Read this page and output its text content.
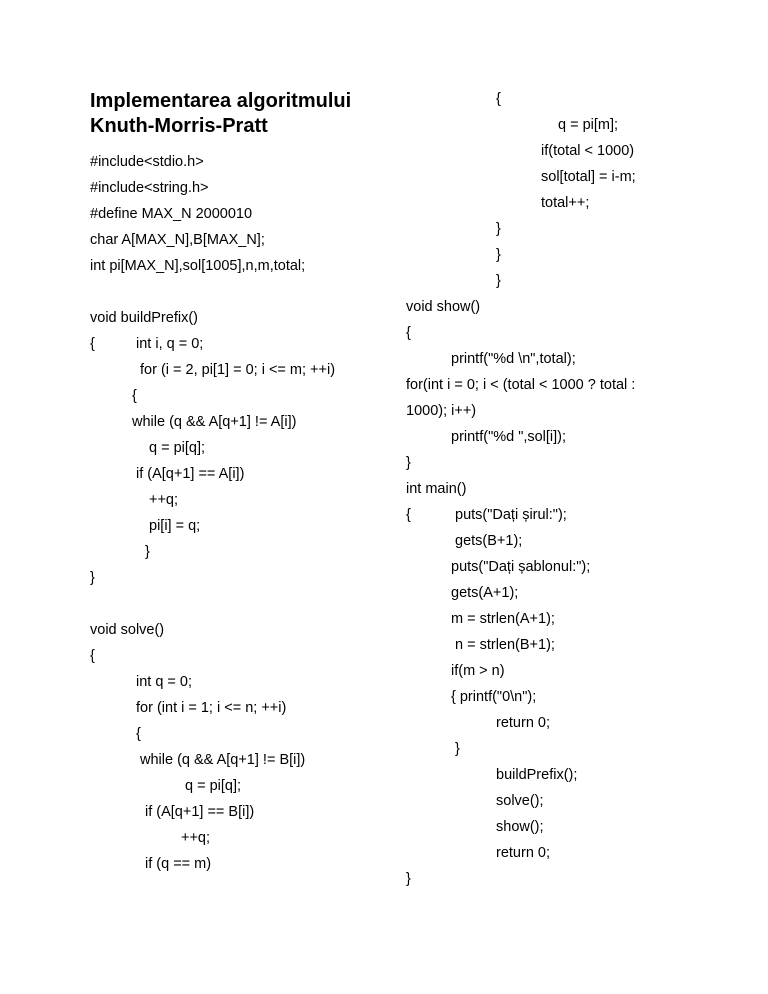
Implementarea algoritmului
Knuth-Morris-Pratt
#include<stdio.h>
#include<string.h>
#define MAX_N 2000010
char A[MAX_N],B[MAX_N];
int pi[MAX_N],sol[1005],n,m,total;
void buildPrefix()
{	int i, q = 0;
for (i = 2, pi[1] = 0; i <= m; ++i)
{
while (q && A[q+1] != A[i])
q = pi[q];
if (A[q+1] == A[i])
++q;
pi[i] = q;
}
}
void solve()
{
int q = 0;
for (int i = 1; i <= n; ++i)
{
while (q && A[q+1] != B[i])
q = pi[q];
if (A[q+1] == B[i])
++q;
if (q == m)
{
q = pi[m];
if(total < 1000)
sol[total] = i-m;
total++;
}
}
}
void show()
{
printf("%d \n",total);
for(int i = 0; i < (total < 1000 ? total :
1000); i++)
printf("%d ",sol[i]);
}
int main()
{	puts("Dați șirul:");
gets(B+1);
puts("Dați șablonul:");
gets(A+1);
m = strlen(A+1);
n = strlen(B+1);
if(m > n)
{ printf("0\n");
return 0;
}
buildPrefix();
solve();
show();
return 0;
}
